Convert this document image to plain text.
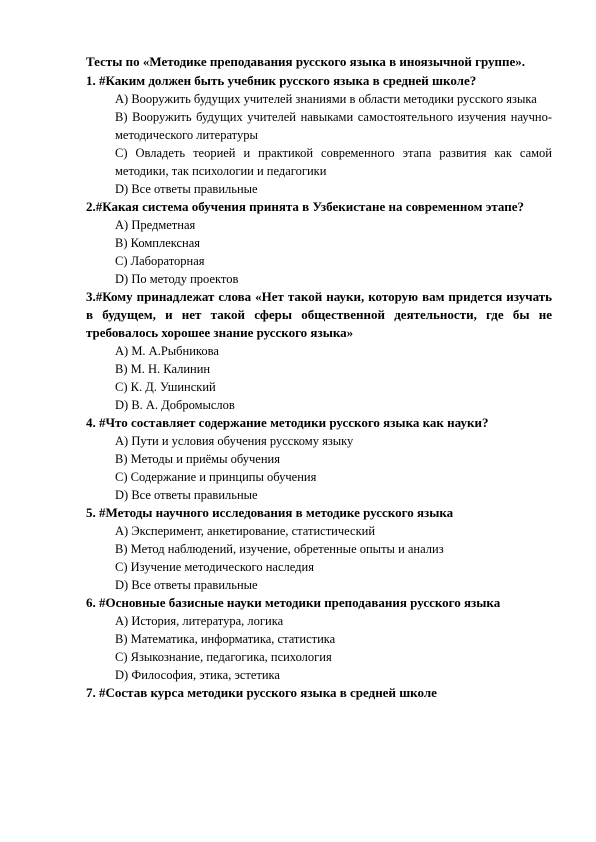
Тесты по «Методике преподавания русского языка в иноязычной группе».

1. #Каким должен быть учебник русского языка в средней школе?

A) Вооружить будущих учителей знаниями в области методики русского языка
B) Вооружить будущих учителей навыками самостоятельного изучения научно-методического литературы
C) Овладеть теорией и практикой современного этапа развития как самой методики, так психологии и педагогики
D) Все ответы правильные

2.#Какая система обучения принята в Узбекистане на современном этапе?

A) Предметная
B) Комплексная
C) Лабораторная
D) По методу проектов

3.#Кому принадлежат слова «Нет такой науки, которую вам придется изучать в будущем, и нет такой сферы общественной деятельности, где бы не требовалось хорошее знание русского языка»

A) М. А.Рыбникова
B) М. Н. Калинин
C) К. Д. Ушинский
D) В. А. Добромыслов

4. #Что составляет содержание методики русского языка как науки?

A) Пути и условия обучения русскому языку
B) Методы и приёмы обучения
C) Содержание и принципы обучения
D) Все ответы правильные

5. #Методы научного исследования в методике русского языка

A) Эксперимент, анкетирование, статистический
B) Метод наблюдений, изучение, обретенные опыты и анализ
C) Изучение методического наследия
D) Все ответы правильные

6. #Основные базисные науки методики преподавания русского языка

A) История, литература, логика
B) Математика, информатика, статистика
C) Языкознание, педагогика, психология
D) Философия, этика, эстетика

7. #Состав курса методики русского языка в средней школе
